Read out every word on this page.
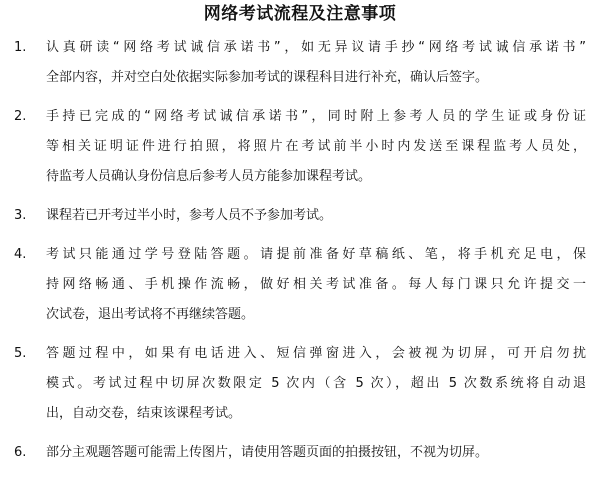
网络考试流程及注意事项
1.	认真研读“网络考试诚信承诺书”，如无异议请手抄“网络考试诚信承诺书”
全部内容，并对空白处依据实际参加考试的课程科目进行补充，确认后签字。
2.	手持已完成的“网络考试诚信承诺书”，同时附上参考人员的学生证或身份证
等相关证明证件进行拍照，将照片在考试前半小时内发送至课程监考人员处，
待监考人员确认身份信息后参考人员方能参加课程考试。
3.	课程若已开考过半小时，参考人员不予参加考试。
4.	考试只能通过学号登陆答题。请提前准备好草稿纸、笔，将手机充足电，保
持网络畅通、手机操作流畅，做好相关考试准备。每人每门课只允许提交一
次试卷，退出考试将不再继续答题。
5.	答题过程中，如果有电话进入、短信弹窗进入，会被视为切屏，可开启勿扰
模式。考试过程中切屏次数限定 5 次内（含 5 次），超出 5 次数系统将自动退
出，自动交卷，结束该课程考试。
6.	部分主观题答题可能需上传图片，请使用答题页面的拍摄按钮，不视为切屏。
